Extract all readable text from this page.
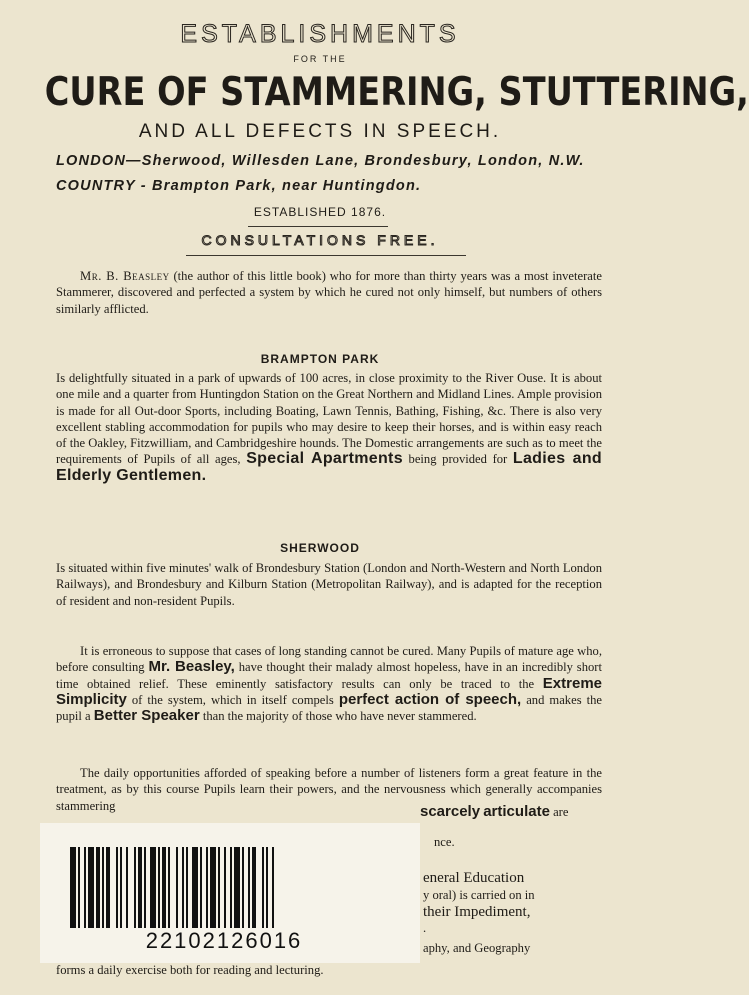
ESTABLISHMENTS
FOR THE
CURE OF STAMMERING, STUTTERING,
AND ALL DEFECTS IN SPEECH.
LONDON—Sherwood, Willesden Lane, Brondesbury, London, N.W.
COUNTRY - Brampton Park, near Huntingdon.
ESTABLISHED 1876.
CONSULTATIONS FREE.
Mr. B. Beasley (the author of this little book) who for more than thirty years was a most inveterate Stammerer, discovered and perfected a system by which he cured not only himself, but numbers of others similarly afflicted.
BRAMPTON PARK
Is delightfully situated in a park of upwards of 100 acres, in close proximity to the River Ouse. It is about one mile and a quarter from Huntingdon Station on the Great Northern and Midland Lines. Ample provision is made for all Out-door Sports, including Boating, Lawn Tennis, Bathing, Fishing, &c. There is also very excellent stabling accommodation for pupils who may desire to keep their horses, and is within easy reach of the Oakley, Fitzwilliam, and Cambridgeshire hounds. The Domestic arrangements are such as to meet the requirements of Pupils of all ages, Special Apartments being provided for Ladies and Elderly Gentlemen.
SHERWOOD
Is situated within five minutes' walk of Brondesbury Station (London and North-Western and North London Railways), and Brondesbury and Kilburn Station (Metropolitan Railway), and is adapted for the reception of resident and non-resident Pupils.
It is erroneous to suppose that cases of long standing cannot be cured. Many Pupils of mature age who, before consulting Mr. Beasley, have thought their malady almost hopeless, have in an incredibly short time obtained relief. These eminently satisfactory results can only be traced to the Extreme Simplicity of the system, which in itself compels perfect action of speech, and makes the pupil a Better Speaker than the majority of those who have never stammered.
The daily opportunities afforded of speaking before a number of listeners form a great feature in the treatment, as by this course Pupils learn their powers, and the nervousness which generally accompanies stammering	scarcely articulate are
nce.
eneral Education
y oral) is carried on in
their Impediment,
.
aphy, and Geography
forms a daily exercise both for reading and lecturing.
22102126016
